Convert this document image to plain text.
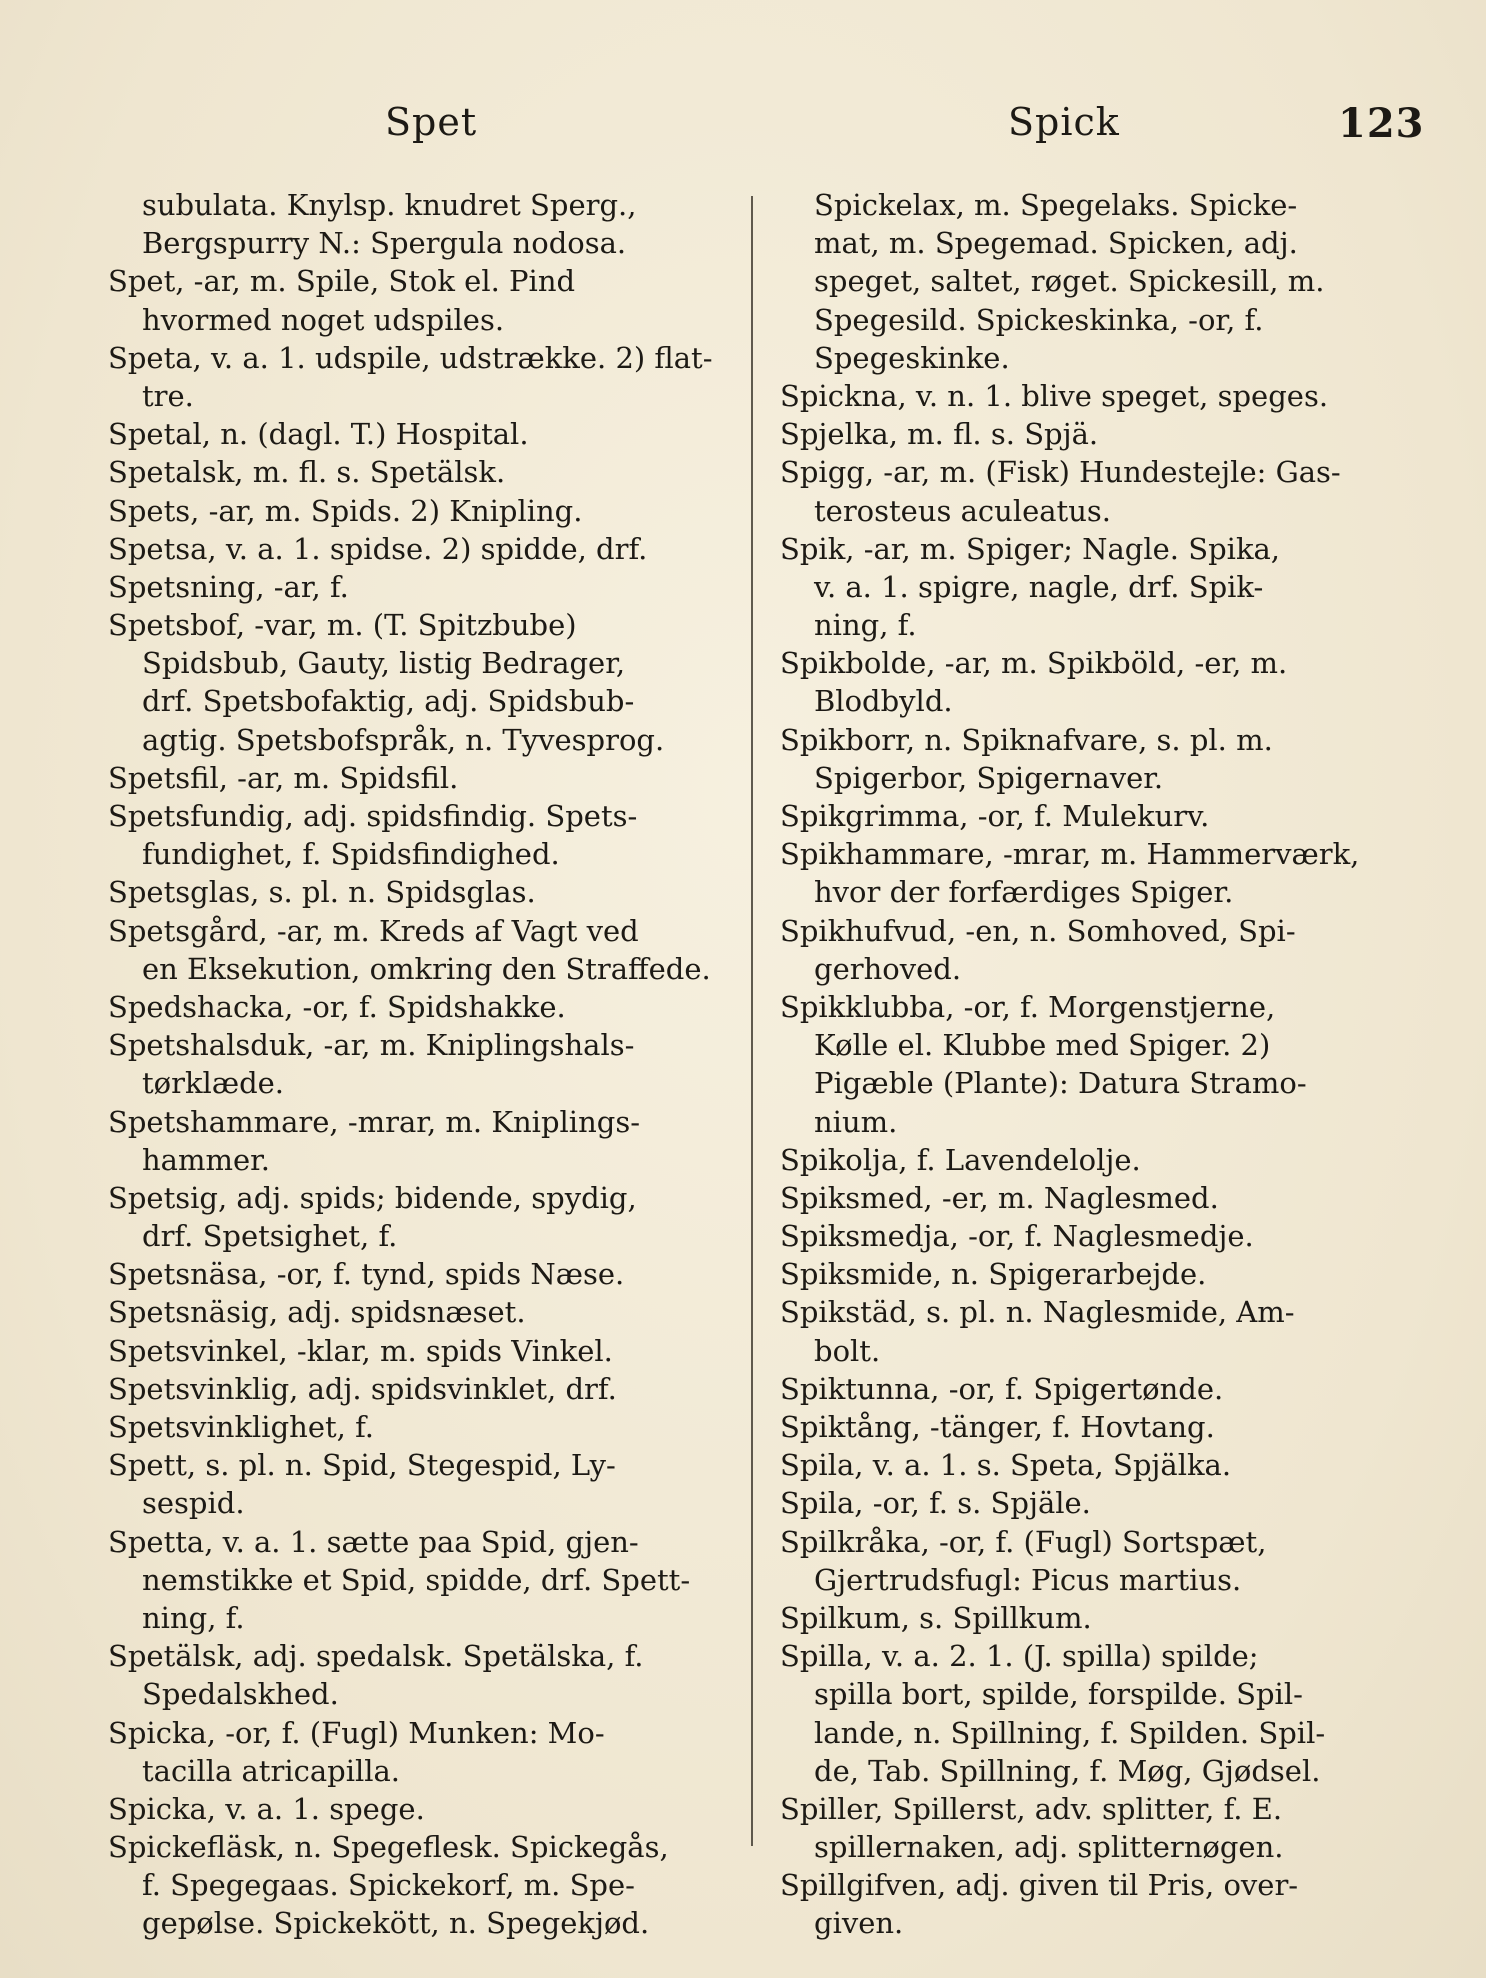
Spet	Spick	123
subulata. Knylsp. knudret Sperg.,
Bergspurry N.: Spergula nodosa.
Spet, -ar, m. Spile, Stok el. Pind
hvormed noget udspiles.
Speta, v. a. 1. udspile, udstrække. 2) flat-
tre.
Spetal, n. (dagl. T.) Hospital.
Spetalsk, m. fl. s. Spetälsk.
Spets, -ar, m. Spids. 2) Knipling.
Spetsa, v. a. 1. spidse. 2) spidde, drf.
Spetsning, -ar, f.
Spetsbof, -var, m. (T. Spitzbube)
Spidsbub, Gauty, listig Bedrager,
drf. Spetsbofaktig, adj. Spidsbub-
agtig. Spetsbofspråk, n. Tyvesprog.
Spetsfil, -ar, m. Spidsfil.
Spetsfundig, adj. spidsfindig. Spets-
fundighet, f. Spidsfindighed.
Spetsglas, s. pl. n. Spidsglas.
Spetsgård, -ar, m. Kreds af Vagt ved
en Eksekution, omkring den Straffede.
Spedshacka, -or, f. Spidshakke.
Spetshalsduk, -ar, m. Kniplingshals-
tørklæde.
Spetshammare, -mrar, m. Kniplings-
hammer.
Spetsig, adj. spids; bidende, spydig,
drf. Spetsighet, f.
Spetsnäsa, -or, f. tynd, spids Næse.
Spetsnäsig, adj. spidsnæset.
Spetsvinkel, -klar, m. spids Vinkel.
Spetsvinklig, adj. spidsvinklet, drf.
Spetsvinklighet, f.
Spett, s. pl. n. Spid, Stegespid, Ly-
sespid.
Spetta, v. a. 1. sætte paa Spid, gjen-
nemstikke et Spid, spidde, drf. Spett-
ning, f.
Spetälsk, adj. spedalsk. Spetälska, f.
Spedalskhed.
Spicka, -or, f. (Fugl) Munken: Mo-
tacilla atricapilla.
Spicka, v. a. 1. spege.
Spickefläsk, n. Spegeflesk. Spickegås,
f. Spegegaas. Spickekorf, m. Spe-
gepølse. Spickekött, n. Spegekjød.
Spickelax, m. Spegelaks. Spicke-
mat, m. Spegemad. Spicken, adj.
speget, saltet, røget. Spickesill, m.
Spegesild. Spickeskinka, -or, f.
Spegeskinke.
Spickna, v. n. 1. blive speget, speges.
Spjelka, m. fl. s. Spjä.
Spigg, -ar, m. (Fisk) Hundestejle: Gas-
terosteus aculeatus.
Spik, -ar, m. Spiger; Nagle. Spika,
v. a. 1. spigre, nagle, drf. Spik-
ning, f.
Spikbolde, -ar, m. Spikböld, -er, m.
Blodbyld.
Spikborr, n. Spiknafvare, s. pl. m.
Spigerbor, Spigernaver.
Spikgrimma, -or, f. Mulekurv.
Spikhammare, -mrar, m. Hammerværk,
hvor der forfærdiges Spiger.
Spikhufvud, -en, n. Somhoved, Spi-
gerhoved.
Spikklubba, -or, f. Morgenstjerne,
Kølle el. Klubbe med Spiger. 2)
Pigæble (Plante): Datura Stramo-
nium.
Spikolja, f. Lavendelolje.
Spiksmed, -er, m. Naglesmed.
Spiksmedja, -or, f. Naglesmedje.
Spiksmide, n. Spigerarbejde.
Spikstäd, s. pl. n. Naglesmide, Am-
bolt.
Spiktunna, -or, f. Spigertønde.
Spiktång, -tänger, f. Hovtang.
Spila, v. a. 1. s. Speta, Spjälka.
Spila, -or, f. s. Spjäle.
Spilkråka, -or, f. (Fugl) Sortspæt,
Gjertrudsfugl: Picus martius.
Spilkum, s. Spillkum.
Spilla, v. a. 2. 1. (J. spilla) spilde;
spilla bort, spilde, forspilde. Spil-
lande, n. Spillning, f. Spilden. Spil-
de, Tab. Spillning, f. Møg, Gjødsel.
Spiller, Spillerst, adv. splitter, f. E.
spillernaken, adj. splitternøgen.
Spillgifven, adj. given til Pris, over-
given.
